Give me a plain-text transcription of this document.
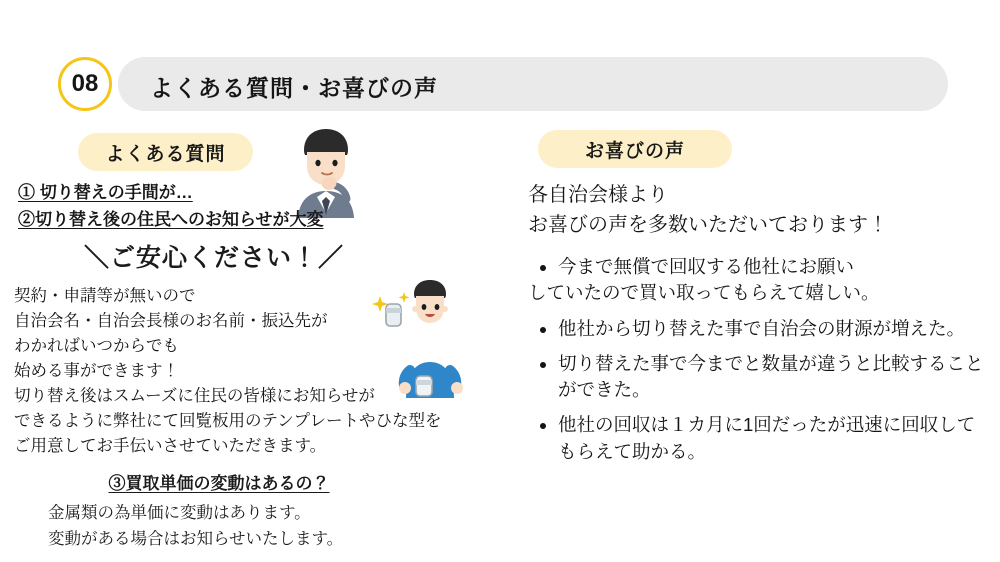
よくある質問・お喜びの声
08
よくある質問	お喜びの声
① 切り替えの手間が…
②切り替え後の住民へのお知らせが大変
＼ご安心ください！／
契約・申請等が無いので
自治会名・自治会長様のお名前・振込先が
わかればいつからでも
始める事ができます！
切り替え後はスムーズに住民の皆様にお知らせが
できるように弊社にて回覧板用のテンプレートやひな型を
ご用意してお手伝いさせていただきます。
③買取単価の変動はあるの？
金属類の為単価に変動はあります。
変動がある場合はお知らせいたします。
各自治会様より
お喜びの声を多数いただいております！
• 今まで無償で回収する他社にお願い
していたので買い取ってもらえて嬉しい。
• 他社から切り替えた事で自治会の財源が増えた。
• 切り替えた事で今までと数量が違うと比較することができた。
• 他社の回収は１カ月に1回だったが迅速に回収してもらえて助かる。
